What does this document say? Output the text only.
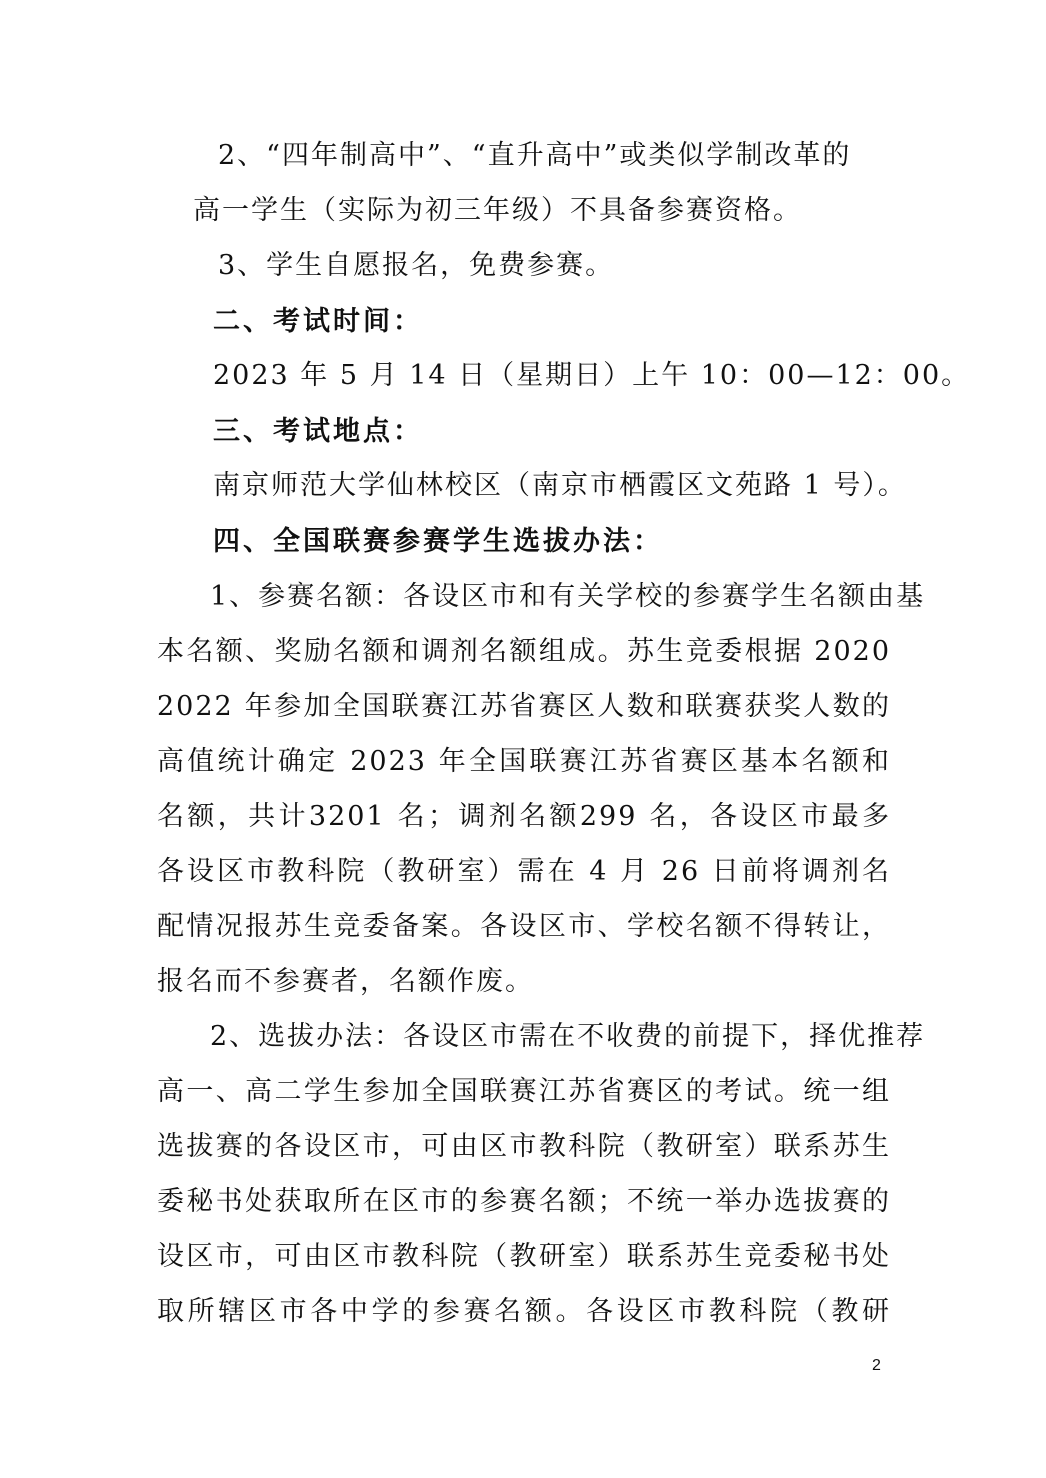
2、“四年制高中”、“直升高中”或类似学制改革的
高一学生（实际为初三年级）不具备参赛资格。
3、学生自愿报名，免费参赛。
二、考试时间：
2023 年 5 月 14 日（星期日）上午 10：00—12：00。
三、考试地点：
南京师范大学仙林校区（南京市栖霞区文苑路 1 号）。
四、全国联赛参赛学生选拔办法：
1、参赛名额：各设区市和有关学校的参赛学生名额由基
本名额、奖励名额和调剂名额组成。苏生竞委根据 2020
2022 年参加全国联赛江苏省赛区人数和联赛获奖人数的
高值统计确定 2023 年全国联赛江苏省赛区基本名额和
名额，共计3201 名；调剂名额299 名，各设区市最多
各设区市教科院（教研室）需在 4 月 26 日前将调剂名
配情况报苏生竞委备案。各设区市、学校名额不得转让，
报名而不参赛者，名额作废。
2、选拔办法：各设区市需在不收费的前提下，择优推荐
高一、高二学生参加全国联赛江苏省赛区的考试。统一组
选拔赛的各设区市，可由区市教科院（教研室）联系苏生
委秘书处获取所在区市的参赛名额；不统一举办选拔赛的
设区市，可由区市教科院（教研室）联系苏生竞委秘书处
取所辖区市各中学的参赛名额。各设区市教科院（教研
2
